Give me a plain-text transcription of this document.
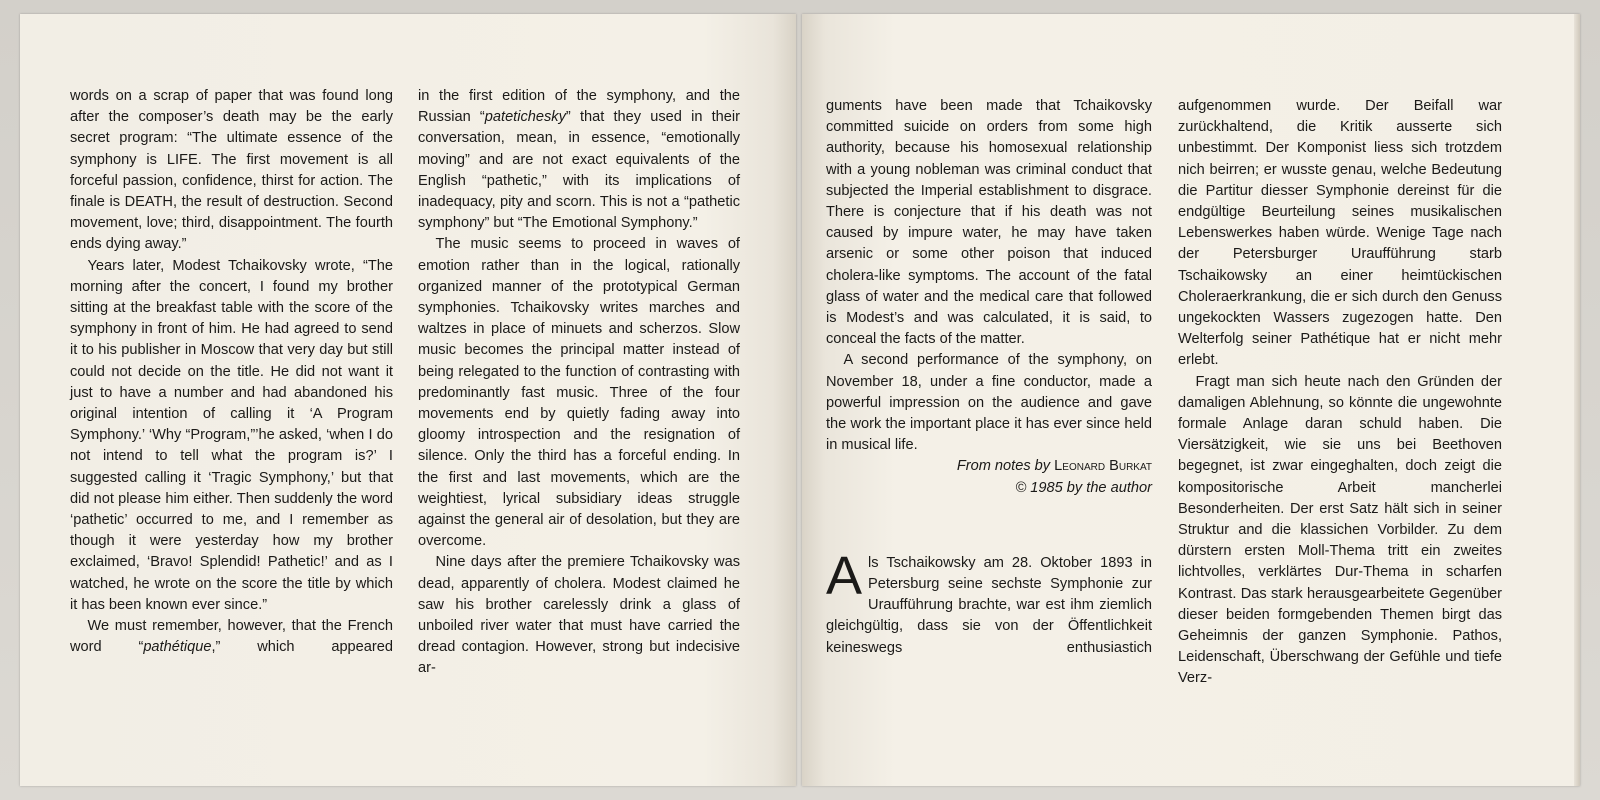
words on a scrap of paper that was found long after the composer’s death may be the early secret program: “The ultimate essence of the symphony is LIFE. The first movement is all forceful passion, confidence, thirst for action. The finale is DEATH, the result of destruction. Second movement, love; third, disappointment. The fourth ends dying away.”

Years later, Modest Tchaikovsky wrote, “The morning after the concert, I found my brother sitting at the breakfast table with the score of the symphony in front of him. He had agreed to send it to his publisher in Moscow that very day but still could not decide on the title. He did not want it just to have a number and had abandoned his original intention of calling it ‘A Program Symphony.’ ‘Why “Program,”’he asked, ‘when I do not intend to tell what the program is?’ I suggested calling it ‘Tragic Symphony,’ but that did not please him either. Then suddenly the word ‘pathetic’ occurred to me, and I remember as though it were yesterday how my brother exclaimed, ‘Bravo! Splendid! Pathetic!’ and as I watched, he wrote on the score the title by which it has been known ever since.”

We must remember, however, that the French word “pathétique,” which appeared

in the first edition of the symphony, and the Russian “patetichesky” that they used in their conversation, mean, in essence, “emotionally moving” and are not exact equivalents of the English “pathetic,” with its implications of inadequacy, pity and scorn. This is not a “pathetic symphony” but “The Emotional Symphony.”

The music seems to proceed in waves of emotion rather than in the logical, rationally organized manner of the prototypical German symphonies. Tchaikovsky writes marches and waltzes in place of minuets and scherzos. Slow music becomes the principal matter instead of being relegated to the function of contrasting with predominantly fast music. Three of the four movements end by quietly fading away into gloomy introspection and the resignation of silence. Only the third has a forceful ending. In the first and last movements, which are the weightiest, lyrical subsidiary ideas struggle against the general air of desolation, but they are overcome.

Nine days after the premiere Tchaikovsky was dead, apparently of cholera. Modest claimed he saw his brother carelessly drink a glass of unboiled river water that must have carried the dread contagion. However, strong but indecisive ar-

guments have been made that Tchaikovsky committed suicide on orders from some high authority, because his homosexual relationship with a young nobleman was criminal conduct that subjected the Imperial establishment to disgrace. There is conjecture that if his death was not caused by impure water, he may have taken arsenic or some other poison that induced cholera-like symptoms. The account of the fatal glass of water and the medical care that followed is Modest’s and was calculated, it is said, to conceal the facts of the matter.

A second performance of the symphony, on November 18, under a fine conductor, made a powerful impression on the audience and gave the work the important place it has ever since held in musical life.

From notes by Leonard Burkat
© 1985 by the author

Als Tschaikowsky am 28. Oktober 1893 in Petersburg seine sechste Symphonie zur Uraufführung brachte, war est ihm ziemlich gleichgültig, dass sie von der Öffentlichkeit keineswegs enthusiastich

aufgenommen wurde. Der Beifall war zurückhaltend, die Kritik ausserte sich unbestimmt. Der Komponist liess sich trotzdem nich beirren; er wusste genau, welche Bedeutung die Partitur diesser Symphonie dereinst für die endgültige Beurteilung seines musikalischen Lebenswerkes haben würde. Wenige Tage nach der Petersburger Uraufführung starb Tschaikowsky an einer heimtückischen Choleraerkrankung, die er sich durch den Genuss ungekockten Wassers zugezogen hatte. Den Welterfolg seiner Pathétique hat er nicht mehr erlebt.

Fragt man sich heute nach den Gründen der damaligen Ablehnung, so könnte die ungewohnte formale Anlage daran schuld haben. Die Viersätzigkeit, wie sie uns bei Beethoven begegnet, ist zwar eingeghalten, doch zeigt die kompositorische Arbeit mancherlei Besonderheiten. Der erst Satz hält sich in seiner Struktur and die klassichen Vorbilder. Zu dem dürstern ersten Moll-Thema tritt ein zweites lichtvolles, verklärtes Dur-Thema in scharfen Kontrast. Das stark herausgearbeitete Gegenüber dieser beiden formgebenden Themen birgt das Geheimnis der ganzen Symphonie. Pathos, Leidenschaft, Überschwang der Gefühle und tiefe Verz-
